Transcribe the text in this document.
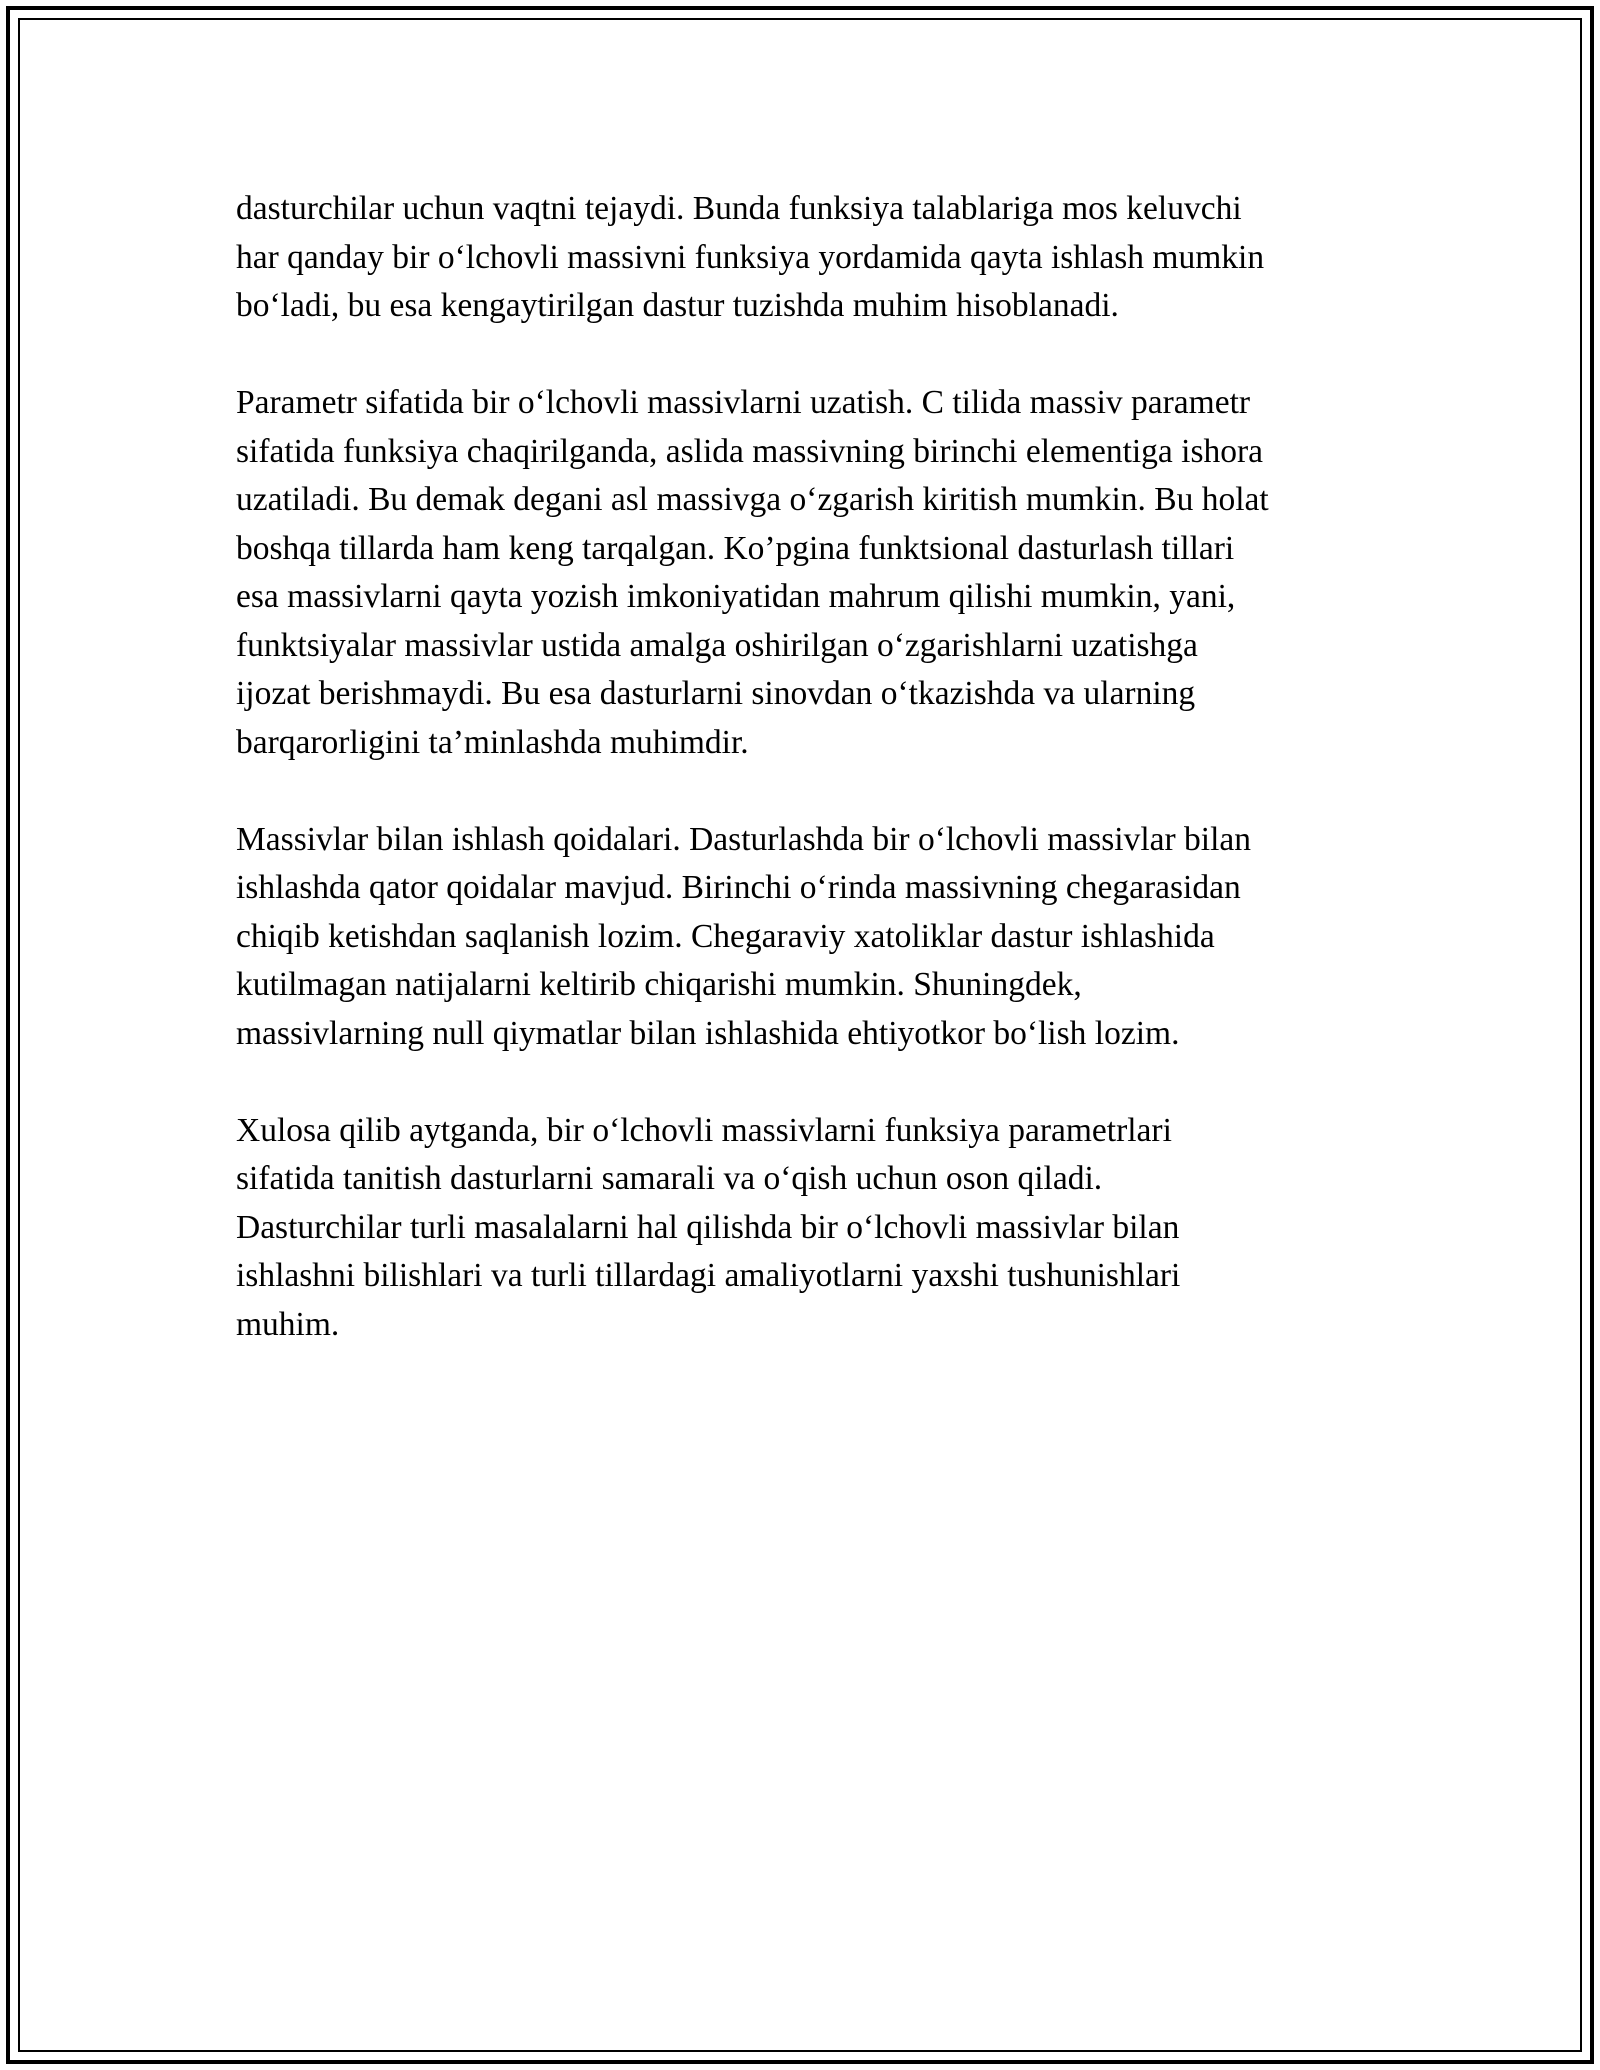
dasturchilar uchun vaqtni tejaydi. Bunda funksiya talablariga mos keluvchi
har qanday bir o‘lchovli massivni funksiya yordamida qayta ishlash mumkin
bo‘ladi, bu esa kengaytirilgan dastur tuzishda muhim hisoblanadi.

Parametr sifatida bir o‘lchovli massivlarni uzatish. C tilida massiv parametr
sifatida funksiya chaqirilganda, aslida massivning birinchi elementiga ishora
uzatiladi. Bu demak degani asl massivga o‘zgarish kiritish mumkin. Bu holat
boshqa tillarda ham keng tarqalgan. Ko’pgina funktsional dasturlash tillari
esa massivlarni qayta yozish imkoniyatidan mahrum qilishi mumkin, yani,
funktsiyalar massivlar ustida amalga oshirilgan o‘zgarishlarni uzatishga
ijozat berishmaydi. Bu esa dasturlarni sinovdan o‘tkazishda va ularning
barqarorligini ta’minlashda muhimdir.

Massivlar bilan ishlash qoidalari. Dasturlashda bir o‘lchovli massivlar bilan
ishlashda qator qoidalar mavjud. Birinchi o‘rinda massivning chegarasidan
chiqib ketishdan saqlanish lozim. Chegaraviy xatoliklar dastur ishlashida
kutilmagan natijalarni keltirib chiqarishi mumkin. Shuningdek,
massivlarning null qiymatlar bilan ishlashida ehtiyotkor bo‘lish lozim.

Xulosa qilib aytganda, bir o‘lchovli massivlarni funksiya parametrlari
sifatida tanitish dasturlarni samarali va o‘qish uchun oson qiladi.
Dasturchilar turli masalalarni hal qilishda bir o‘lchovli massivlar bilan
ishlashni bilishlari va turli tillardagi amaliyotlarni yaxshi tushunishlari
muhim.
